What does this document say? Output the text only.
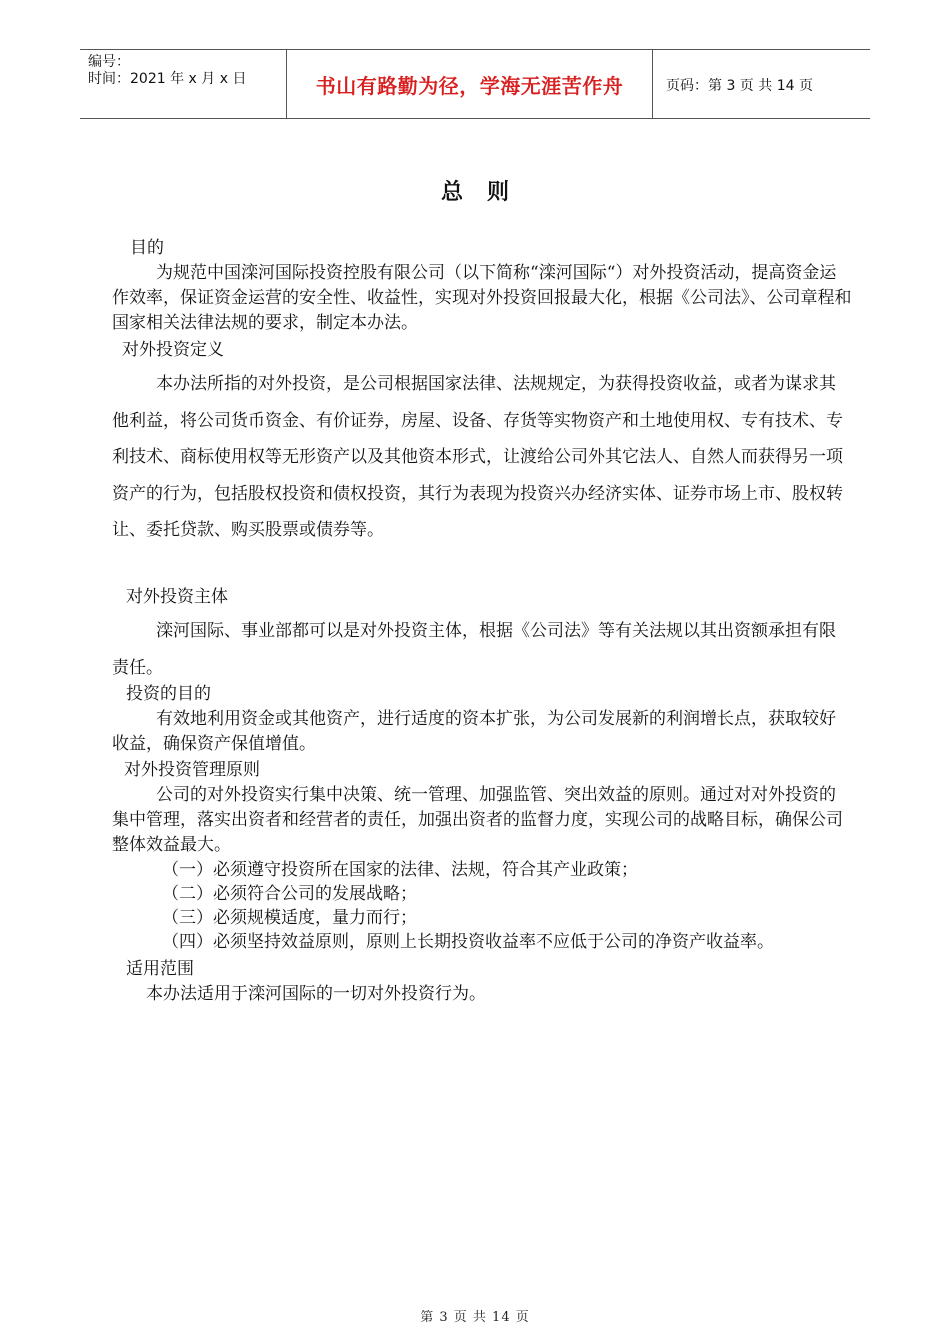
编号：
时间：2021 年 x 月 x 日	书山有路勤为径，学海无涯苦作舟	页码：第 3 页 共 14 页
总则
目的
为规范中国滦河国际投资控股有限公司（以下简称“滦河国际“）对外投资活动，提高资金运作效率，保证资金运营的安全性、收益性，实现对外投资回报最大化，根据《公司法》、公司章程和国家相关法律法规的要求，制定本办法。
对外投资定义
本办法所指的对外投资，是公司根据国家法律、法规规定，为获得投资收益，或者为谋求其他利益，将公司货币资金、有价证券，房屋、设备、存货等实物资产和土地使用权、专有技术、专利技术、商标使用权等无形资产以及其他资本形式，让渡给公司外其它法人、自然人而获得另一项资产的行为，包括股权投资和债权投资，其行为表现为投资兴办经济实体、证券市场上市、股权转让、委托贷款、购买股票或债券等。
对外投资主体
滦河国际、事业部都可以是对外投资主体，根据《公司法》等有关法规以其出资额承担有限责任。
投资的目的
有效地利用资金或其他资产，进行适度的资本扩张，为公司发展新的利润增长点，获取较好收益，确保资产保值增值。
对外投资管理原则
公司的对外投资实行集中决策、统一管理、加强监管、突出效益的原则。通过对对外投资的集中管理，落实出资者和经营者的责任，加强出资者的监督力度，实现公司的战略目标，确保公司整体效益最大。
（一）必须遵守投资所在国家的法律、法规，符合其产业政策；
（二）必须符合公司的发展战略；
（三）必须规模适度，量力而行；
（四）必须坚持效益原则，原则上长期投资收益率不应低于公司的净资产收益率。
适用范围
本办法适用于滦河国际的一切对外投资行为。
第 3 页 共 14 页
